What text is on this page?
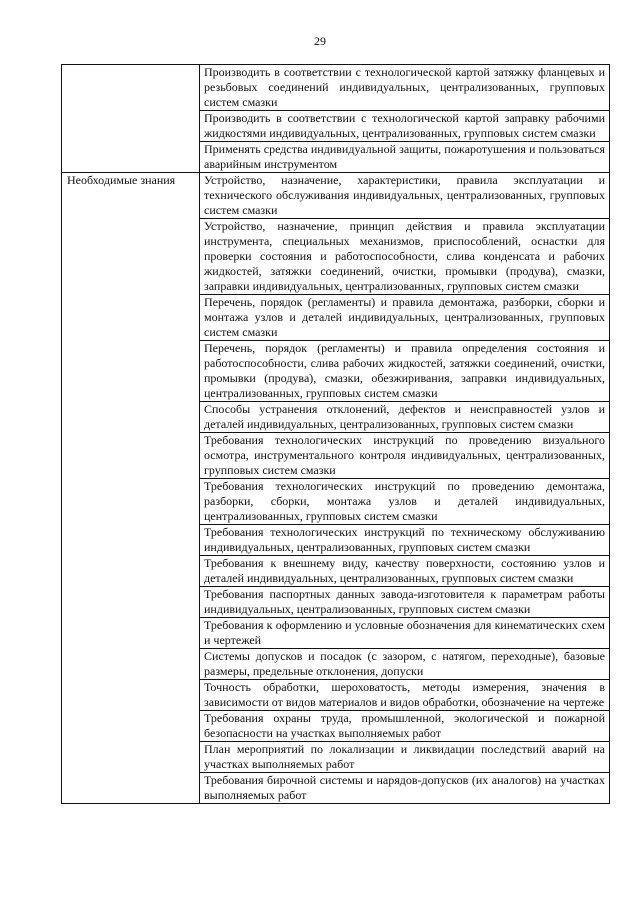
29
	Производить в соответствии с технологической картой затяжку фланцевых и резьбовых соединений индивидуальных, централизованных, групповых систем смазки
	Производить в соответствии с технологической картой заправку рабочими жидкостями индивидуальных, централизованных, групповых систем смазки
	Применять средства индивидуальной защиты, пожаротушения и пользоваться аварийным инструментом
Необходимые знания	Устройство, назначение, характеристики, правила эксплуатации и технического обслуживания индивидуальных, централизованных, групповых систем смазки
	Устройство, назначение, принцип действия и правила эксплуатации инструмента, специальных механизмов, приспособлений, оснастки для проверки состояния и работоспособности, слива конденсата и рабочих жидкостей, затяжки соединений, очистки, промывки (продува), смазки, заправки индивидуальных, централизованных, групповых систем смазки
	Перечень, порядок (регламенты) и правила демонтажа, разборки, сборки и монтажа узлов и деталей индивидуальных, централизованных, групповых систем смазки
	Перечень, порядок (регламенты) и правила определения состояния и работоспособности, слива рабочих жидкостей, затяжки соединений, очистки, промывки (продува), смазки, обезжиривания, заправки индивидуальных, централизованных, групповых систем смазки
	Способы устранения отклонений, дефектов и неисправностей узлов и деталей индивидуальных, централизованных, групповых систем смазки
	Требования технологических инструкций по проведению визуального осмотра, инструментального контроля индивидуальных, централизованных, групповых систем смазки
	Требования технологических инструкций по проведению демонтажа, разборки, сборки, монтажа узлов и деталей индивидуальных, централизованных, групповых систем смазки
	Требования технологических инструкций по техническому обслуживанию индивидуальных, централизованных, групповых систем смазки
	Требования к внешнему виду, качеству поверхности, состоянию узлов и деталей индивидуальных, централизованных, групповых систем смазки
	Требования паспортных данных завода-изготовителя к параметрам работы индивидуальных, централизованных, групповых систем смазки
	Требования к оформлению и условные обозначения для кинематических схем и чертежей
	Системы допусков и посадок (с зазором, с натягом, переходные), базовые размеры, предельные отклонения, допуски
	Точность обработки, шероховатость, методы измерения, значения в зависимости от видов материалов и видов обработки, обозначение на чертеже
	Требования охраны труда, промышленной, экологической и пожарной безопасности на участках выполняемых работ
	План мероприятий по локализации и ликвидации последствий аварий на участках выполняемых работ
	Требования бирочной системы и нарядов-допусков (их аналогов) на участках выполняемых работ
